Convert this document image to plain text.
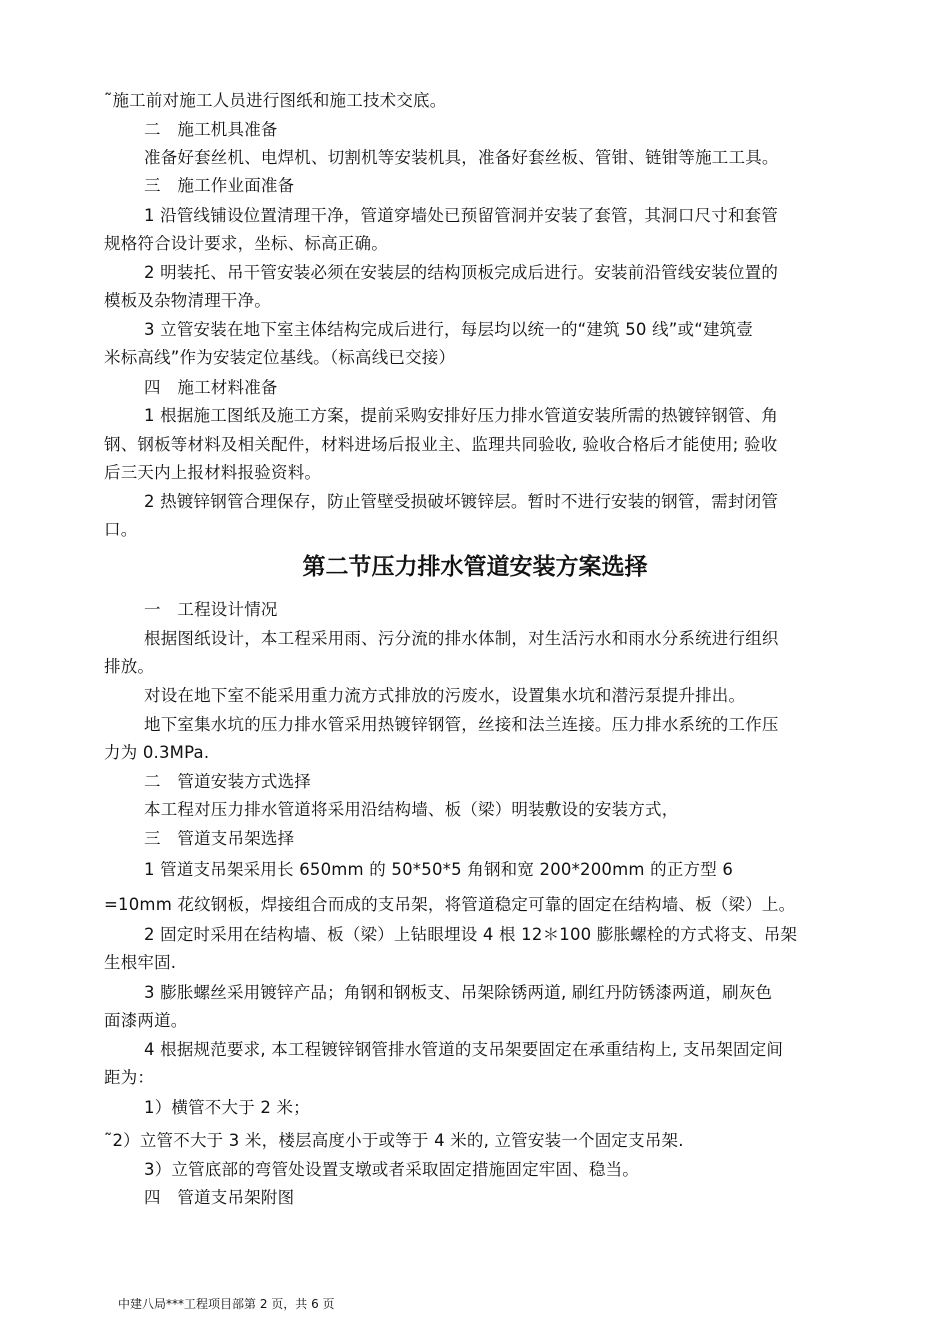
˜施工前对施工人员进行图纸和施工技术交底。
二　施工机具准备
准备好套丝机、电焊机、切割机等安装机具，准备好套丝板、管钳、链钳等施工工具。
三　施工作业面准备
1 沿管线铺设位置清理干净，管道穿墙处已预留管洞并安装了套管，其洞口尺寸和套管
规格符合设计要求，坐标、标高正确。
2 明装托、吊干管安装必须在安装层的结构顶板完成后进行。安装前沿管线安装位置的
模板及杂物清理干净。
3 立管安装在地下室主体结构完成后进行，每层均以统一的“建筑 50 线”或“建筑壹
米标高线”作为安装定位基线。（标高线已交接）
四　施工材料准备
1 根据施工图纸及施工方案，提前采购安排好压力排水管道安装所需的热镀锌钢管、角
钢、钢板等材料及相关配件，材料进场后报业主、监理共同验收, 验收合格后才能使用; 验收
后三天内上报材料报验资料。
2 热镀锌钢管合理保存，防止管壁受损破坏镀锌层。暂时不进行安装的钢管，需封闭管
口。
第二节压力排水管道安装方案选择
一　工程设计情况
根据图纸设计，本工程采用雨、污分流的排水体制，对生活污水和雨水分系统进行组织
排放。
对设在地下室不能采用重力流方式排放的污废水，设置集水坑和潜污泵提升排出。
地下室集水坑的压力排水管采用热镀锌钢管，丝接和法兰连接。压力排水系统的工作压
力为 0.3MPa.
二　管道安装方式选择
本工程对压力排水管道将采用沿结构墙、板（梁）明装敷设的安装方式，
三　管道支吊架选择
1 管道支吊架采用长 650mm 的 50*50*5 角钢和宽 200*200mm 的正方型 6
=10mm 花纹钢板，焊接组合而成的支吊架，将管道稳定可靠的固定在结构墙、板（梁）上。
2 固定时采用在结构墙、板（梁）上钻眼埋设 4 根 12＊100 膨胀螺栓的方式将支、吊架
生根牢固.
3 膨胀螺丝采用镀锌产品；角钢和钢板支、吊架除锈两道, 刷红丹防锈漆两道，刷灰色
面漆两道。
4 根据规范要求, 本工程镀锌钢管排水管道的支吊架要固定在承重结构上, 支吊架固定间
距为：
1）横管不大于 2 米；
˜2）立管不大于 3 米，楼层高度小于或等于 4 米的, 立管安装一个固定支吊架.
3）立管底部的弯管处设置支墩或者采取固定措施固定牢固、稳当。
四　管道支吊架附图
中建八局***工程项目部第 2 页，共 6 页
